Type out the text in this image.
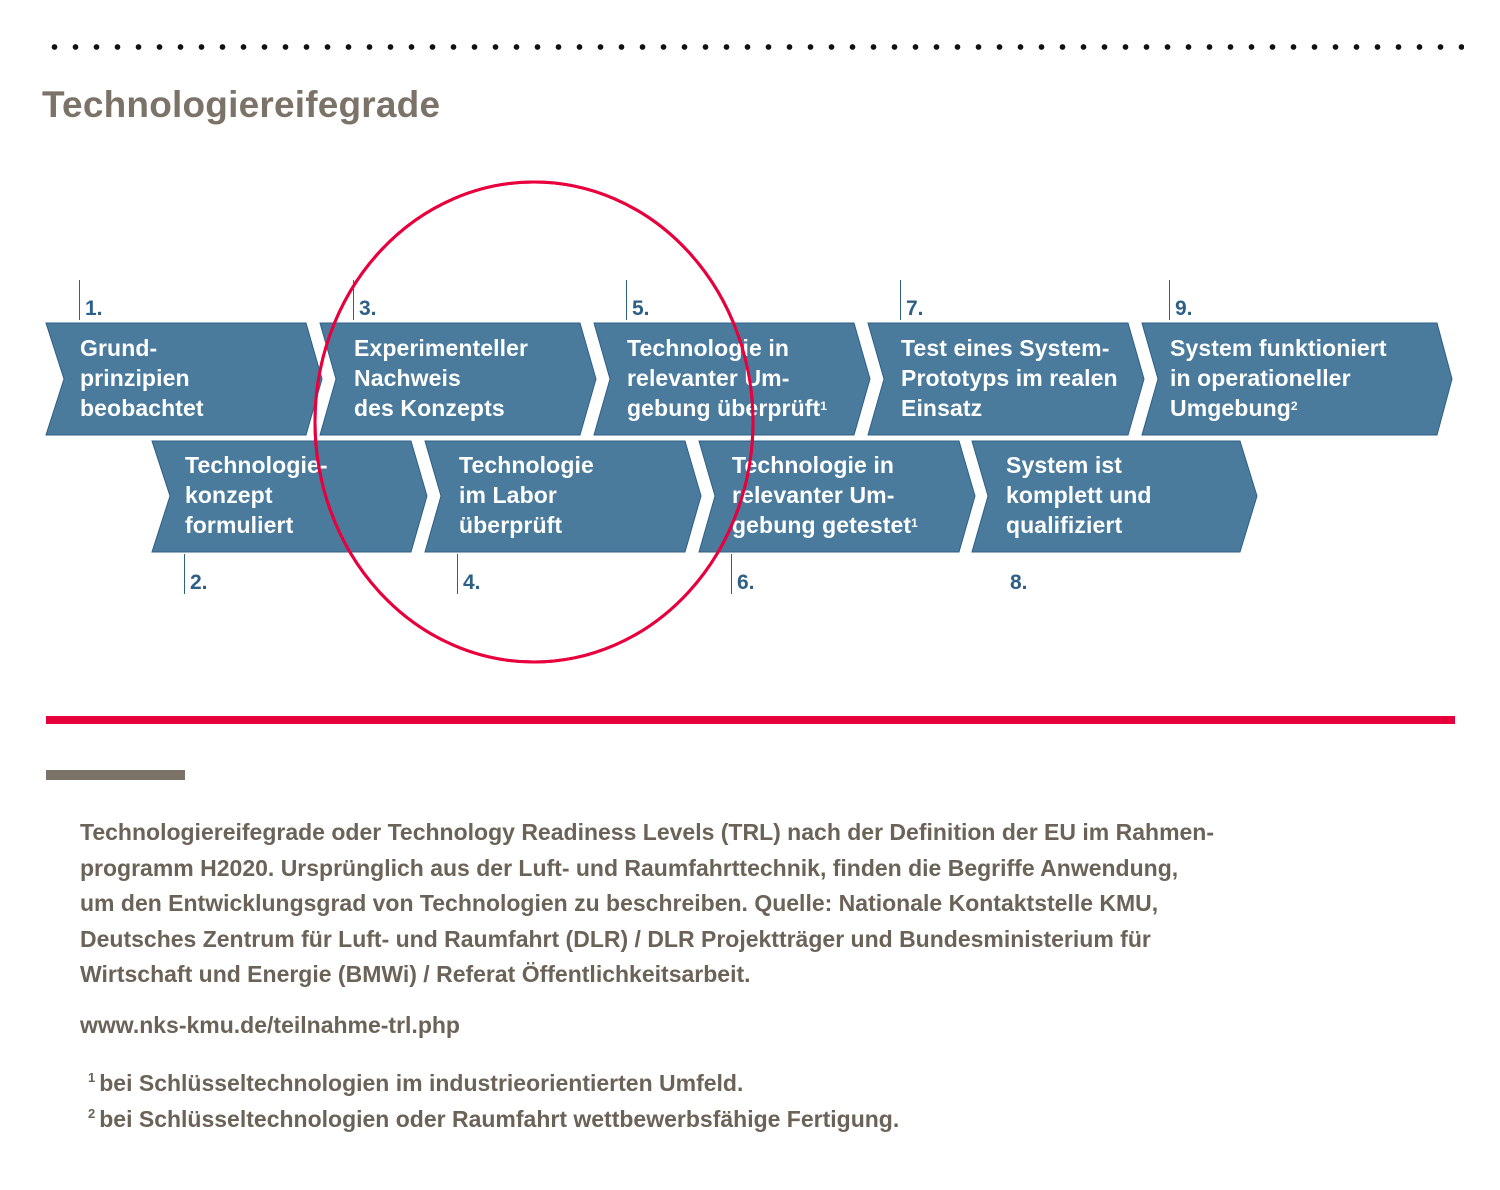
Technologiereifegrade
1.	3.	5.	7.	9.
2.	4.	6.	8.
Grund-
prinzipien
beobachtet
Experimenteller
Nachweis
des Konzepts
Technologie in
relevanter Um-
gebung überprüft$^1$
Test eines System-
Prototyps im realen
Einsatz
System funktioniert
in operationeller
Umgebung$^2$
Technologie-
konzept
formuliert
Technologie
im Labor
überprüft
Technologie in
relevanter Um-
gebung getestet$^1$
System ist
komplett und
qualifiziert
Technologiereifegrade oder Technology Readiness Levels (TRL) nach der Definition der EU im Rahmen-
programm H2020. Ursprünglich aus der Luft- und Raumfahrttechnik, finden die Begriffe Anwendung,
um den Entwicklungsgrad von Technologien zu beschreiben. Quelle: Nationale Kontaktstelle KMU,
Deutsches Zentrum für Luft- und Raumfahrt (DLR) / DLR Projektträger und Bundesministerium für
Wirtschaft und Energie (BMWi) / Referat Öffentlichkeitsarbeit.
www.nks-kmu.de/teilnahme-trl.php
$^1$ bei Schlüsseltechnologien im industrieorientierten Umfeld.
$^2$ bei Schlüsseltechnologien oder Raumfahrt wettbewerbsfähige Fertigung.
